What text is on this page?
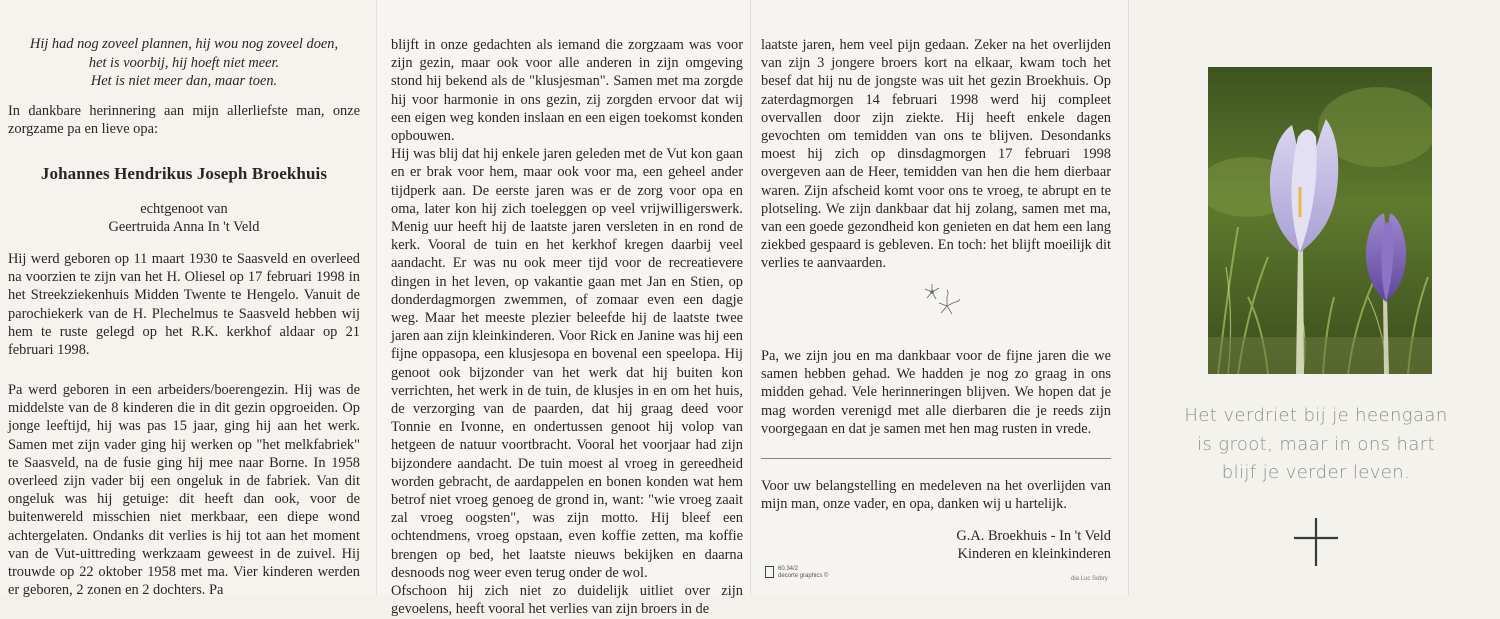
Hij had nog zoveel plannen, hij wou nog zoveel doen,
het is voorbij, hij hoeft niet meer.
Het is niet meer dan, maar toen.
In dankbare herinnering aan mijn allerliefste man, onze zorgzame pa en lieve opa:
Johannes Hendrikus Joseph Broekhuis
echtgenoot van
Geertruida Anna In 't Veld
Hij werd geboren op 11 maart 1930 te Saasveld en overleed na voorzien te zijn van het H. Oliesel op 17 februari 1998 in het Streekziekenhuis Midden Twente te Hengelo. Vanuit de parochiekerk van de H. Plechelmus te Saasveld hebben wij hem te ruste gelegd op het R.K. kerkhof aldaar op 21 februari 1998.
Pa werd geboren in een arbeiders/boerengezin. Hij was de middelste van de 8 kinderen die in dit gezin opgroeiden. Op jonge leeftijd, hij was pas 15 jaar, ging hij aan het werk. Samen met zijn vader ging hij werken op "het melkfabriek" te Saasveld, na de fusie ging hij mee naar Borne. In 1958 overleed zijn vader bij een ongeluk in de fabriek. Van dit ongeluk was hij getuige: dit heeft dan ook, voor de buitenwereld misschien niet merkbaar, een diepe wond achtergelaten. Ondanks dit verlies is hij tot aan het moment van de Vut-uittreding werkzaam geweest in de zuivel. Hij trouwde op 22 oktober 1958 met ma. Vier kinderen werden er geboren, 2 zonen en 2 dochters. Pa

blijft in onze gedachten als iemand die zorgzaam was voor zijn gezin, maar ook voor alle anderen in zijn omgeving stond hij bekend als de "klusjesman". Samen met ma zorgde hij voor harmonie in ons gezin, zij zorgden ervoor dat wij een eigen weg konden inslaan en een eigen toekomst konden opbouwen.

Hij was blij dat hij enkele jaren geleden met de Vut kon gaan en er brak voor hem, maar ook voor ma, een geheel ander tijdperk aan. De eerste jaren was er de zorg voor opa en oma, later kon hij zich toeleggen op veel vrijwilligerswerk. Menig uur heeft hij de laatste jaren versleten in en rond de kerk. Vooral de tuin en het kerkhof kregen daarbij veel aandacht. Er was nu ook meer tijd voor de recreatievere dingen in het leven, op vakantie gaan met Jan en Stien, op donderdagmorgen zwemmen, of zomaar even een dagje weg. Maar het meeste plezier beleefde hij de laatste twee jaren aan zijn kleinkinderen. Voor Rick en Janine was hij een fijne oppasopa, een klusjesopa en bovenal een speelopa. Hij genoot ook bijzonder van het werk dat hij buiten kon verrichten, het werk in de tuin, de klusjes in en om het huis, de verzorging van de paarden, dat hij graag deed voor Tonnie en Ivonne, en ondertussen genoot hij volop van hetgeen de natuur voortbracht. Vooral het voorjaar had zijn bijzondere aandacht. De tuin moest al vroeg in gereedheid worden gebracht, de aardappelen en bonen konden wat hem betrof niet vroeg genoeg de grond in, want: "wie vroeg zaait zal vroeg oogsten", was zijn motto. Hij bleef een ochtendmens, vroeg opstaan, even koffie zetten, ma koffie brengen op bed, het laatste nieuws bekijken en daarna desnoods nog weer even terug onder de wol.

Ofschoon hij zich niet zo duidelijk uitliet over zijn gevoelens, heeft vooral het verlies van zijn broers in de

laatste jaren, hem veel pijn gedaan. Zeker na het overlijden van zijn 3 jongere broers kort na elkaar, kwam toch het besef dat hij nu de jongste was uit het gezin Broekhuis. Op zaterdagmorgen 14 februari 1998 werd hij compleet overvallen door zijn ziekte. Hij heeft enkele dagen gevochten om temidden van ons te blijven. Desondanks moest hij zich op dinsdagmorgen 17 februari 1998 overgeven aan de Heer, temidden van hen die hem dierbaar waren. Zijn afscheid komt voor ons te vroeg, te abrupt en te plotseling. We zijn dankbaar dat hij zolang, samen met ma, van een goede gezondheid kon genieten en dat hem een lang ziekbed gespaard is gebleven. En toch: het blijft moeilijk dit verlies te aanvaarden.
Pa, we zijn jou en ma dankbaar voor de fijne jaren die we samen hebben gehad. We hadden je nog zo graag in ons midden gehad. Vele herinneringen blijven. We hopen dat je mag worden verenigd met alle dierbaren die je reeds zijn voorgegaan en dat je samen met hen mag rusten in vrede.
Voor uw belangstelling en medeleven na het overlijden van mijn man, onze vader, en opa, danken wij u hartelijk.
G.A. Broekhuis - In 't Veld
Kinderen en kleinkinderen
60.34/2
decorte graphics ©	dia Luc Sobry
Het verdriet bij je heengaan
is groot, maar in ons hart
blijf je verder leven.
